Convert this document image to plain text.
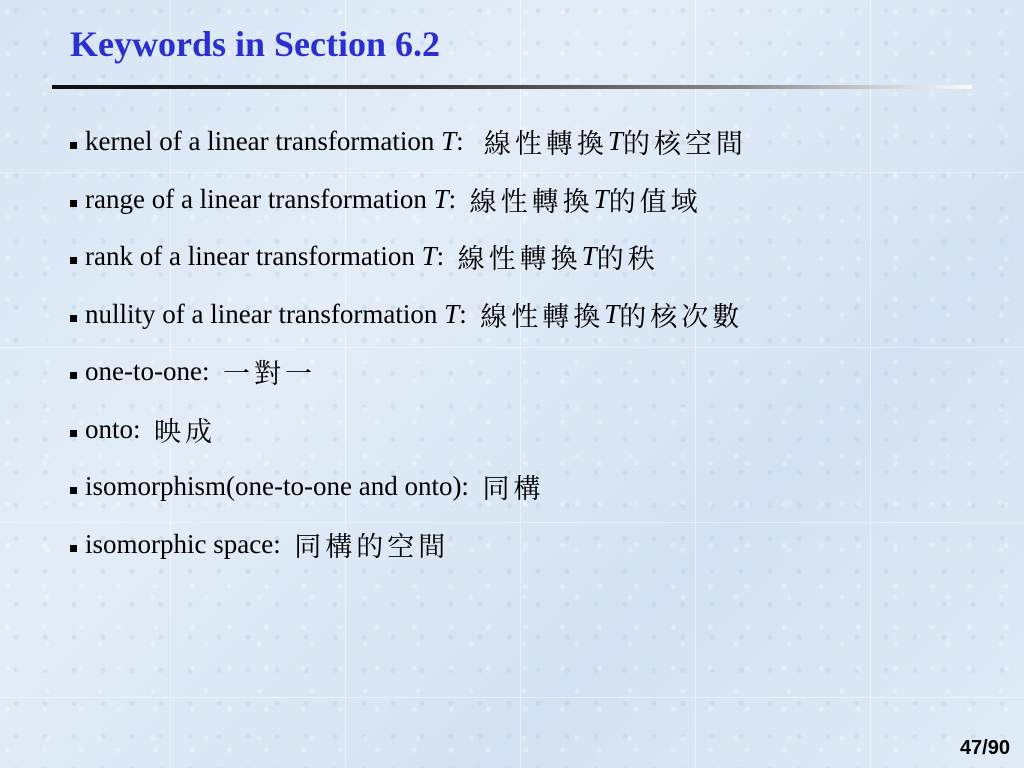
Keywords in Section 6.2
kernel of a linear transformation T : 線性轉換 T 的核空間
range of a linear transformation T : 線性轉換 T 的值域
rank of a linear transformation T : 線性轉換 T 的秩
nullity of a linear transformation T : 線性轉換 T 的核次數
one-to-one: 一對一
onto: 映成
isomorphism(one-to-one and onto): 同構
isomorphic space: 同構的空間
47/90
